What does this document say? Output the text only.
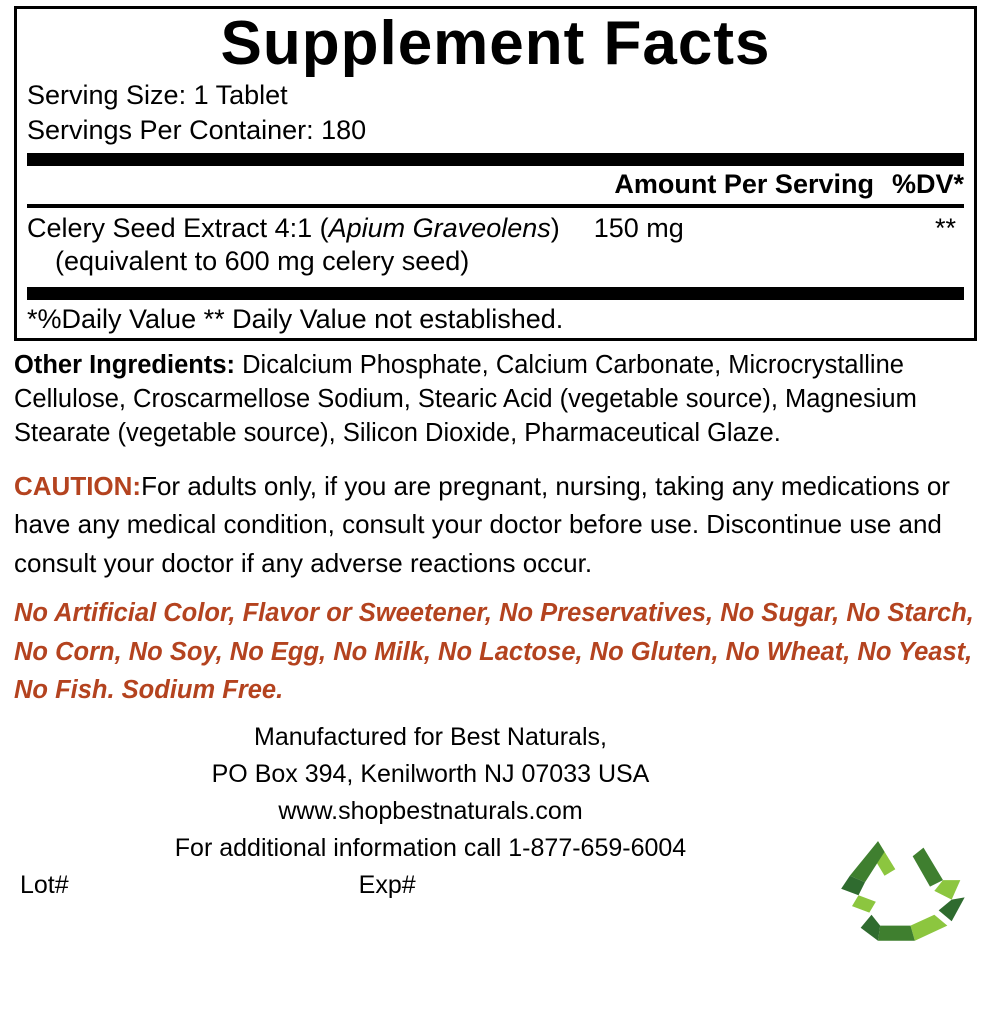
Supplement Facts
Serving Size: 1 Tablet
Servings Per Container: 180
Amount Per Serving %DV*
Celery Seed Extract 4:1 (Apium Graveolens) 150 mg	**
(equivalent to 600 mg celery seed)
*%Daily Value ** Daily Value not established.
Other Ingredients: Dicalcium Phosphate, Calcium Carbonate, Microcrystalline Cellulose, Croscarmellose Sodium, Stearic Acid (vegetable source), Magnesium Stearate (vegetable source), Silicon Dioxide, Pharmaceutical Glaze.
CAUTION:For adults only, if you are pregnant, nursing, taking any medications or have any medical condition, consult your doctor before use. Discontinue use and consult your doctor if any adverse reactions occur.
No Artificial Color, Flavor or Sweetener, No Preservatives, No Sugar, No Starch, No Corn, No Soy, No Egg, No Milk, No Lactose, No Gluten, No Wheat, No Yeast, No Fish. Sodium Free.
Manufactured for Best Naturals,
PO Box 394, Kenilworth NJ 07033 USA
www.shopbestnaturals.com
For additional information call 1-877-659-6004
Lot#	Exp#
